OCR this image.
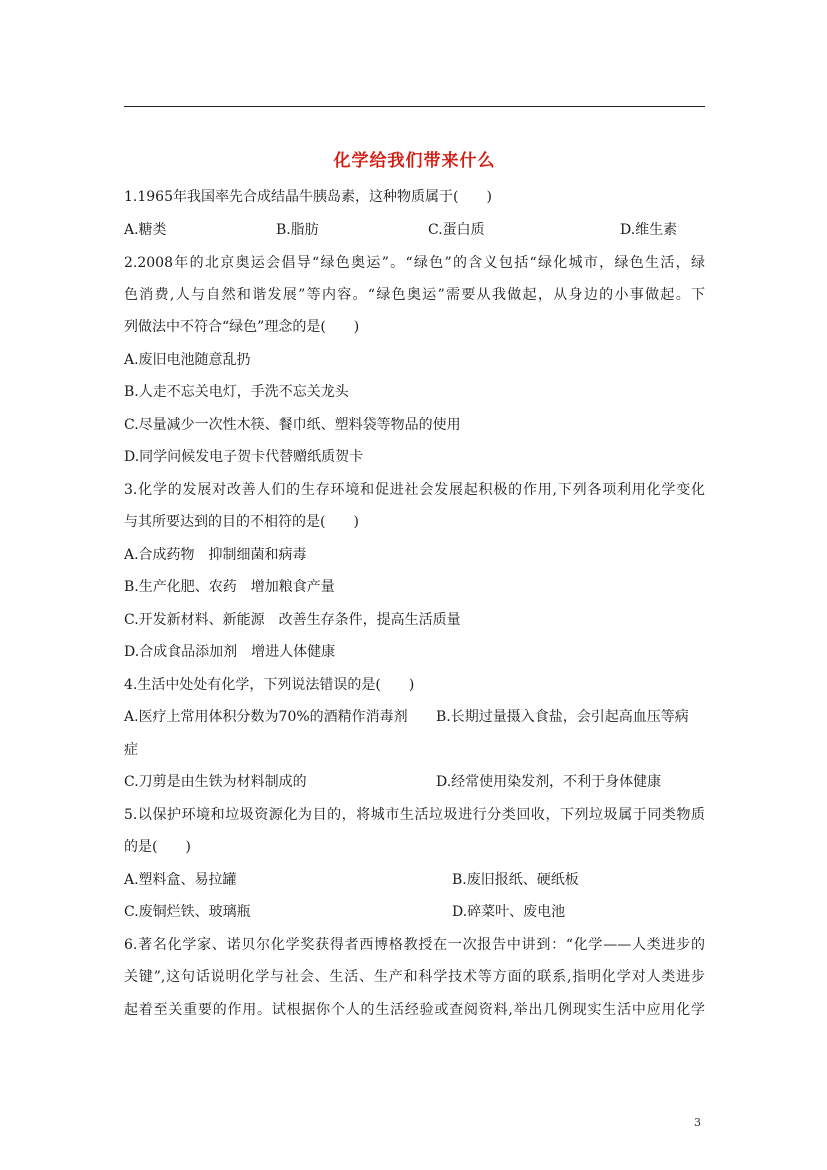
化学给我们带来什么
1.1965年我国率先合成结晶牛胰岛素，这种物质属于(　　)
A.糖类	B.脂肪	C.蛋白质	D.维生素
2.2008年的北京奥运会倡导“绿色奥运”。“绿色”的含义包括“绿化城市，绿色生活，绿
色消费,人与自然和谐发展”等内容。“绿色奥运”需要从我做起，从身边的小事做起。下
列做法中不符合“绿色”理念的是(　　)
A.废旧电池随意乱扔
B.人走不忘关电灯，手洗不忘关龙头
C.尽量减少一次性木筷、餐巾纸、塑料袋等物品的使用
D.同学问候发电子贺卡代替赠纸质贺卡
3.化学的发展对改善人们的生存环境和促进社会发展起积极的作用,下列各项利用化学变化
与其所要达到的目的不相符的是(　　)
A.合成药物　抑制细菌和病毒
B.生产化肥、农药　增加粮食产量
C.开发新材料、新能源　改善生存条件，提高生活质量
D.合成食品添加剂　增进人体健康
4.生活中处处有化学，下列说法错误的是(　　)
A.医疗上常用体积分数为70%的酒精作消毒剂 B.长期过量摄入食盐，会引起高血压等病
症
C.刀剪是由生铁为材料制成的	D.经常使用染发剂，不利于身体健康
5.以保护环境和垃圾资源化为目的，将城市生活垃圾进行分类回收，下列垃圾属于同类物质
的是(　　)
A.塑料盒、易拉罐	B.废旧报纸、硬纸板
C.废铜烂铁、玻璃瓶	D.碎菜叶、废电池
6.著名化学家、诺贝尔化学奖获得者西博格教授在一次报告中讲到：“化学——人类进步的
关键”,这句话说明化学与社会、生活、生产和科学技术等方面的联系,指明化学对人类进步
起着至关重要的作用。试根据你个人的生活经验或查阅资料,举出几例现实生活中应用化学
3
